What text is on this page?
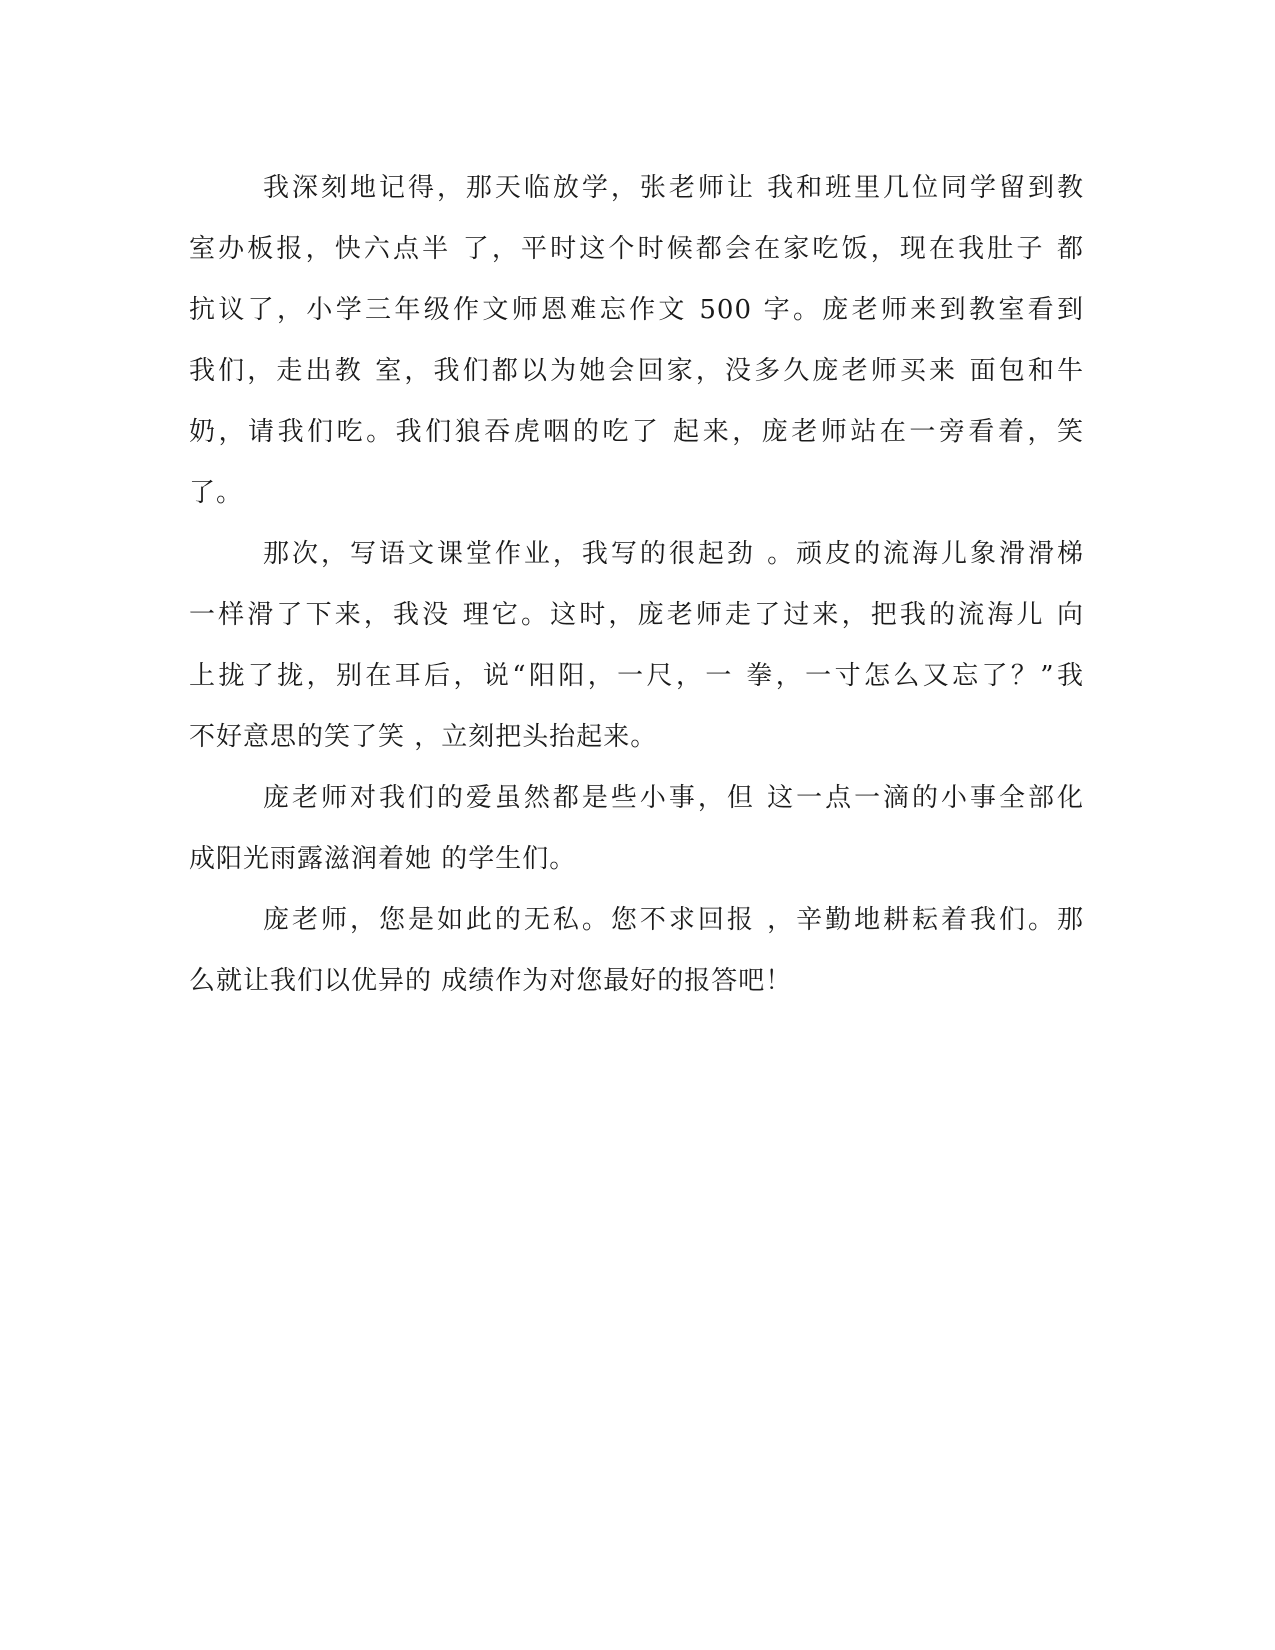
我深刻地记得，那天临放学，张老师让 我和班里几位同学留到教
室办板报，快六点半 了，平时这个时候都会在家吃饭，现在我肚子 都
抗议了，小学三年级作文师恩难忘作文 500 字。庞老师来到教室看到
我们，走出教 室，我们都以为她会回家，没多久庞老师买来 面包和牛
奶，请我们吃。我们狼吞虎咽的吃了 起来，庞老师站在一旁看着，笑
了。
那次，写语文课堂作业，我写的很起劲 。顽皮的流海儿象滑滑梯
一样滑了下来，我没 理它。这时，庞老师走了过来，把我的流海儿 向
上拢了拢，别在耳后，说“阳阳，一尺，一 拳，一寸怎么又忘了？”我
不好意思的笑了笑 ，立刻把头抬起来。
庞老师对我们的爱虽然都是些小事，但 这一点一滴的小事全部化
成阳光雨露滋润着她 的学生们。
庞老师，您是如此的无私。您不求回报 ，辛勤地耕耘着我们。那
么就让我们以优异的 成绩作为对您最好的报答吧！
